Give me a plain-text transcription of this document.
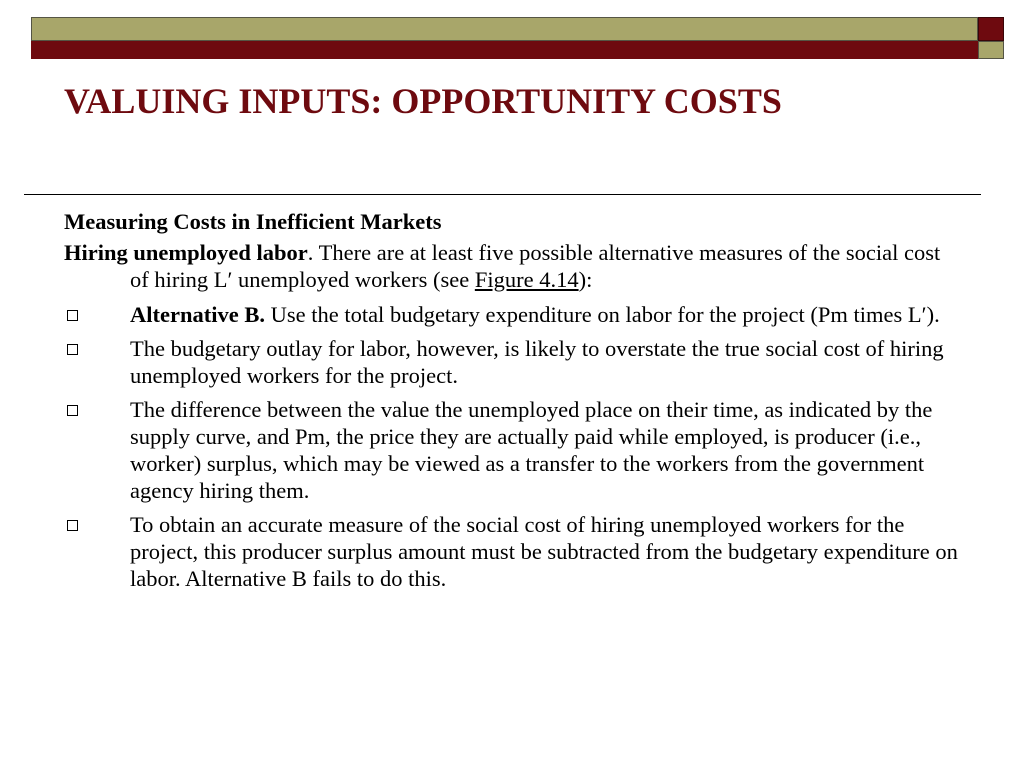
VALUING INPUTS: OPPORTUNITY COSTS

Measuring Costs in Inefficient Markets

Hiring unemployed labor. There are at least five possible alternative measures of the social cost of hiring L′ unemployed workers (see Figure 4.14):

Alternative B. Use the total budgetary expenditure on labor for the project (Pm times L′).
The budgetary outlay for labor, however, is likely to overstate the true social cost of hiring unemployed workers for the project.
The difference between the value the unemployed place on their time, as indicated by the supply curve, and Pm, the price they are actually paid while employed, is producer (i.e., worker) surplus, which may be viewed as a transfer to the workers from the government agency hiring them.
To obtain an accurate measure of the social cost of hiring unemployed workers for the project, this producer surplus amount must be subtracted from the budgetary expenditure on labor. Alternative B fails to do this.
